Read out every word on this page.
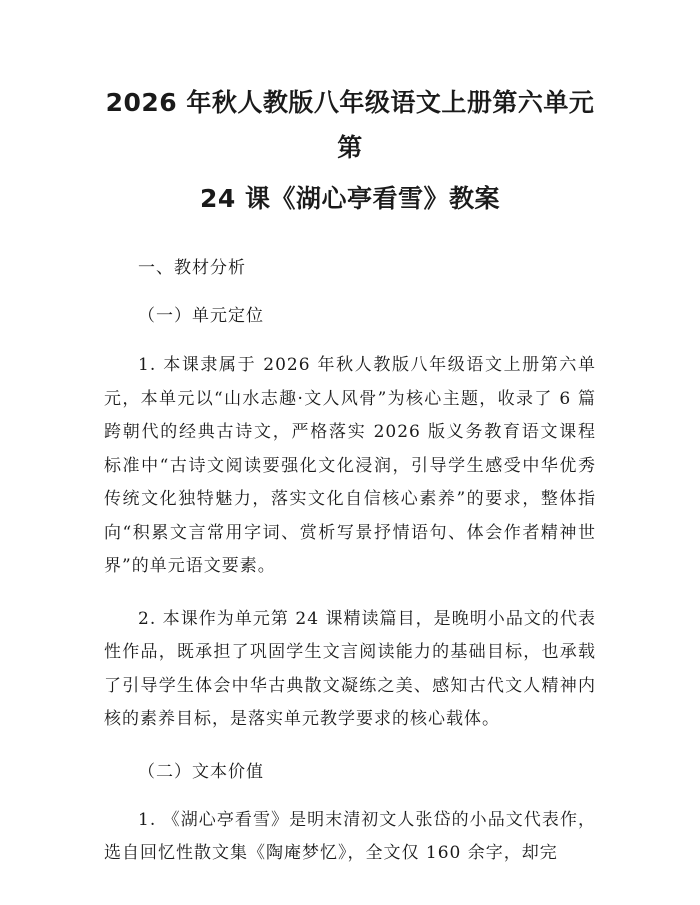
2026 年秋人教版八年级语文上册第六单元第
24 课《湖心亭看雪》教案

一、教材分析

（一）单元定位

1. 本课隶属于 2026 年秋人教版八年级语文上册第六单元，本单元以“山水志趣·文人风骨”为核心主题，收录了 6 篇跨朝代的经典古诗文，严格落实 2026 版义务教育语文课程标准中“古诗文阅读要强化文化浸润，引导学生感受中华优秀传统文化独特魅力，落实文化自信核心素养”的要求，整体指向“积累文言常用字词、赏析写景抒情语句、体会作者精神世界”的单元语文要素。

2. 本课作为单元第 24 课精读篇目，是晚明小品文的代表性作品，既承担了巩固学生文言阅读能力的基础目标，也承载了引导学生体会中华古典散文凝练之美、感知古代文人精神内核的素养目标，是落实单元教学要求的核心载体。

（二）文本价值

1. 《湖心亭看雪》是明末清初文人张岱的小品文代表作，选自回忆性散文集《陶庵梦忆》，全文仅 160 余字，却完
